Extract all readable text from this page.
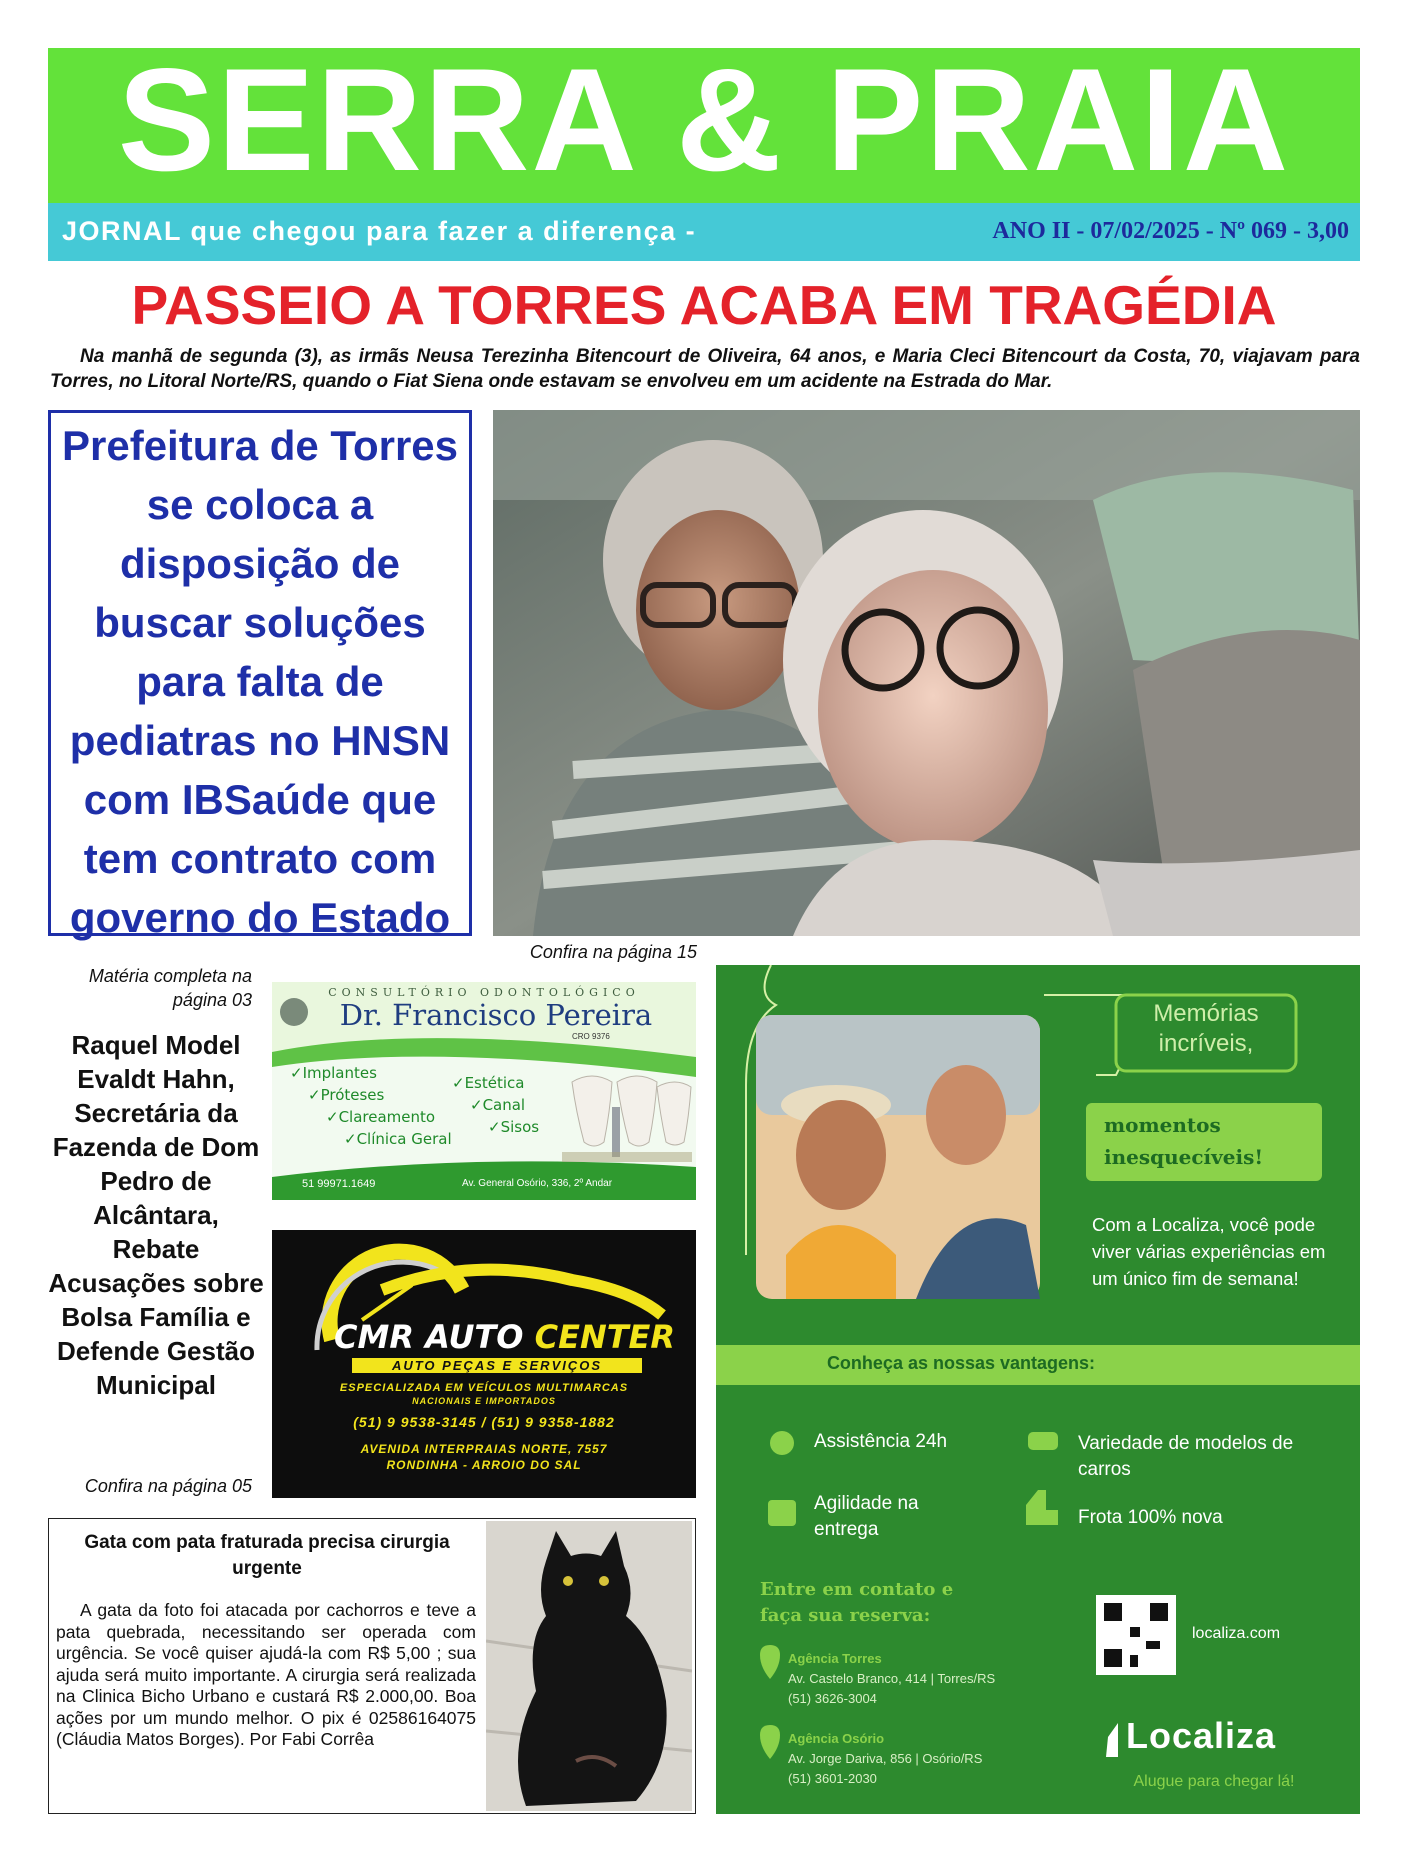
SERRA & PRAIA
JORNAL que chegou para fazer a diferença -	ANO II - 07/02/2025 - Nº 069 - 3,00
PASSEIO A TORRES ACABA EM TRAGÉDIA
Na manhã de segunda (3), as irmãs Neusa Terezinha Bitencourt de Oliveira, 64 anos, e Maria Cleci Bitencourt da Costa, 70, viajavam para Torres, no Litoral Norte/RS, quando o Fiat Siena onde estavam se envolveu em um acidente na Estrada do Mar.
Prefeitura de Torres se coloca a disposição de buscar soluções para falta de pediatras no HNSN com IBSaúde que tem contrato com governo do Estado
Confira na página 15
Matéria completa na página 03
Raquel Model Evaldt Hahn, Secretária da Fazenda de Dom Pedro de Alcântara, Rebate Acusações sobre Bolsa Família e Defende Gestão Municipal
Confira na página 05
CONSULTÓRIO ODONTOLÓGICO
Dr. Francisco Pereira
CRO 9376
✓Implantes
✓Próteses
✓Clareamento
✓Clínica Geral
✓Estética
✓Canal
✓Sisos
51 99971.1649	Av. General Osório, 336, 2º Andar
CMR AUTO CENTER
AUTO PEÇAS E SERVIÇOS
ESPECIALIZADA EM VEÍCULOS MULTIMARCAS
NACIONAIS E IMPORTADOS
(51) 9 9538-3145 / (51) 9 9358-1882
AVENIDA INTERPRAIAS NORTE, 7557
RONDINHA - ARROIO DO SAL
Gata com pata fraturada precisa cirurgia urgente
A gata da foto foi atacada por cachorros e teve a pata quebrada, necessitando ser operada com urgência. Se você quiser ajudá-la com R$ 5,00 ; sua ajuda será muito importante. A cirurgia será realizada na Clinica Bicho Urbano e custará R$ 2.000,00. Boa ações por um mundo melhor. O pix é 02586164075 (Cláudia Matos Borges). Por Fabi Corrêa
Memórias incríveis,
momentos inesquecíveis!
Com a Localiza, você pode viver várias experiências em um único fim de semana!
Conheça as nossas vantagens:
Assistência 24h	Variedade de modelos de carros
Agilidade na entrega
Frota 100% nova
Entre em contato e faça sua reserva:
Agência Torres
Av. Castelo Branco, 414 | Torres/RS
(51) 3626-3004
Agência Osório
Av. Jorge Dariva, 856 | Osório/RS
(51) 3601-2030
localiza.com
Localiza
Alugue para chegar lá!
